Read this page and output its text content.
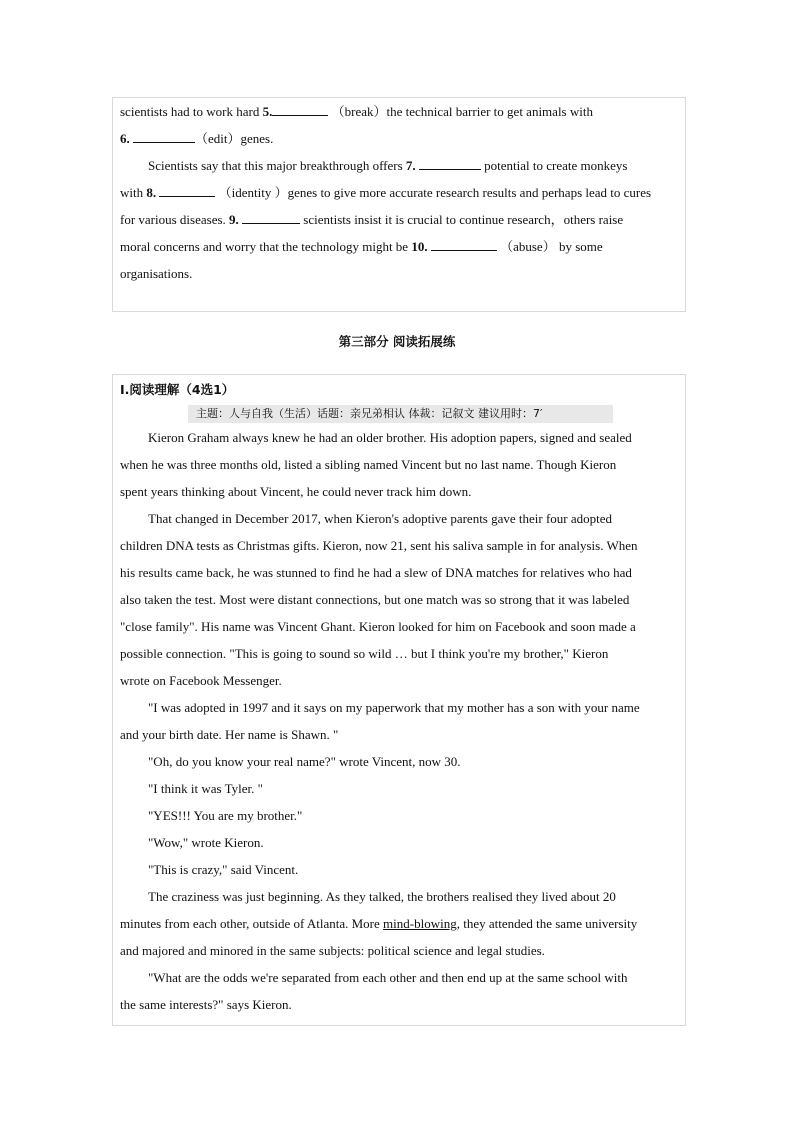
scientists had to work hard 5.	（break）the technical barrier to get animals with
6.	（edit）genes.
Scientists say that this major breakthrough offers 7.	potential to create monkeys
with 8.	（identity ）genes to give more accurate research results and perhaps lead to cures
for various diseases. 9.	scientists insist it is crucial to continue research，others raise
moral concerns and worry that the technology might be 10.	（abuse） by some
organisations.
第三部分 阅读拓展练
Ⅰ.阅读理解（4选1）
主题：人与自我（生活）话题：亲兄弟相认 体裁：记叙文 建议用时：7′
Kieron Graham always knew he had an older brother. His adoption papers, signed and sealed
when he was three months old, listed a sibling named Vincent but no last name. Though Kieron
spent years thinking about Vincent, he could never track him down.
That changed in December 2017, when Kieron's adoptive parents gave their four adopted
children DNA tests as Christmas gifts. Kieron, now 21, sent his saliva sample in for analysis. When
his results came back, he was stunned to find he had a slew of DNA matches for relatives who had
also taken the test. Most were distant connections, but one match was so strong that it was labeled
"close family". His name was Vincent Ghant. Kieron looked for him on Facebook and soon made a
possible connection. "This is going to sound so wild … but I think you're my brother," Kieron
wrote on Facebook Messenger.
"I was adopted in 1997 and it says on my paperwork that my mother has a son with your name
and your birth date. Her name is Shawn. "
"Oh, do you know your real name?" wrote Vincent, now 30.
"I think it was Tyler. "
"YES!!! You are my brother."
"Wow," wrote Kieron.
"This is crazy," said Vincent.
The craziness was just beginning. As they talked, the brothers realised they lived about 20
minutes from each other, outside of Atlanta. More mind-blowing, they attended the same university
and majored and minored in the same subjects: political science and legal studies.
"What are the odds we're separated from each other and then end up at the same school with
the same interests?" says Kieron.
